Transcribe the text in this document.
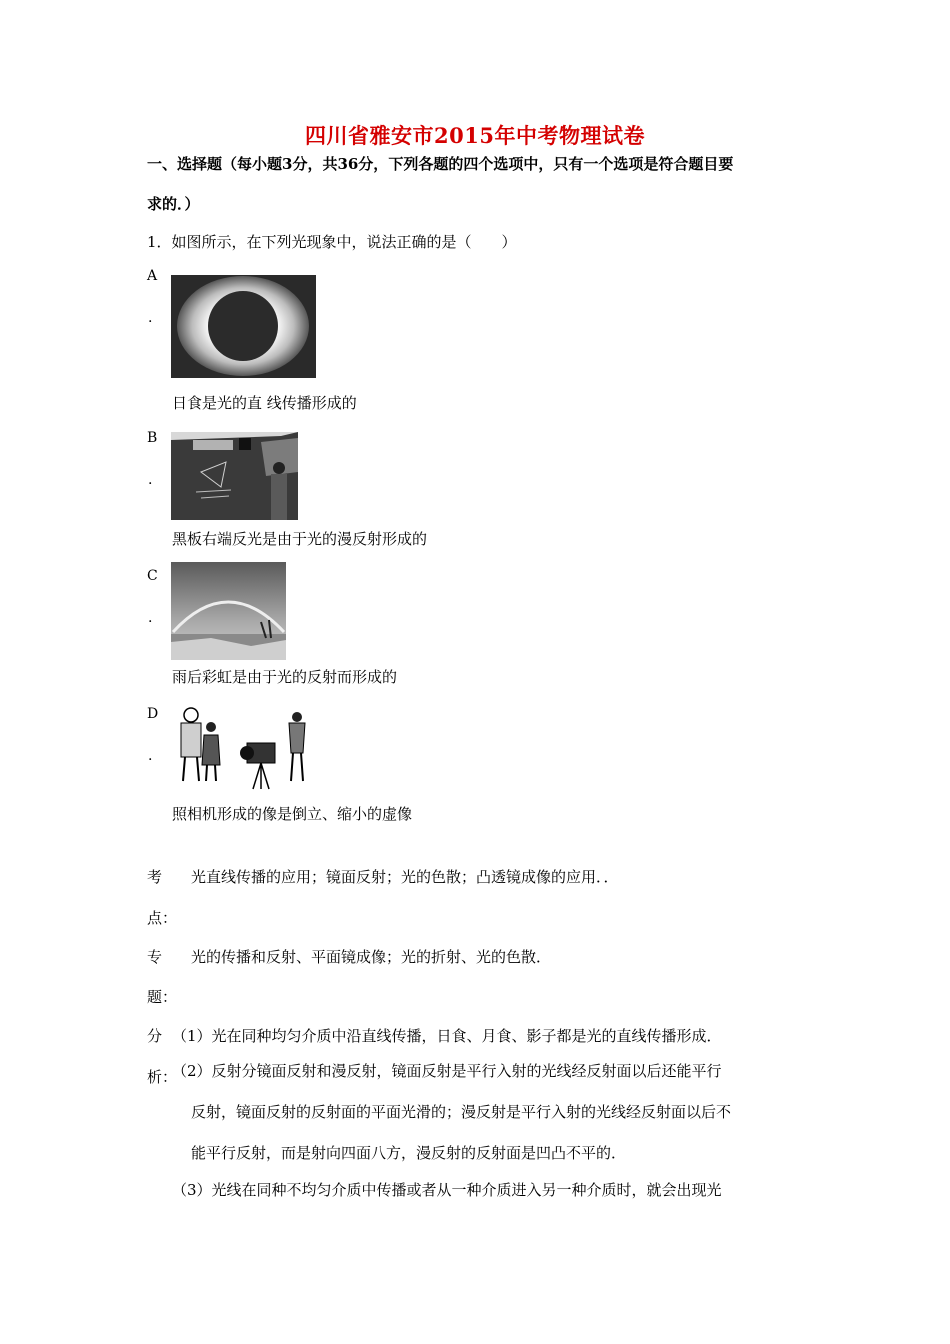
四川省雅安市2015年中考物理试卷
一、选择题（每小题3分，共36分，下列各题的四个选项中，只有一个选项是符合题目要
求的．）
1．如图所示，在下列光现象中，说法正确的是（　　）
A
.
日食是光的直 线传播形成的
B
.
黑板右端反光是由于光的漫反射形成的
C
.
雨后彩虹是由于光的反射而形成的
D
.
照相机形成的像是倒立、缩小的虚像
考
点：
光直线传播的应用；镜面反射；光的色散；凸透镜成像的应用．．
专
题：
光的传播和反射、平面镜成像；光的折射、光的色散．
分
析：
（1）光在同种均匀介质中沿直线传播，日食、月食、影子都是光的直线传播形成．
（2）反射分镜面反射和漫反射，镜面反射是平行入射的光线经反射面以后还能平行
反射，镜面反射的反射面的平面光滑的；漫反射是平行入射的光线经反射面以后不
能平行反射，而是射向四面八方，漫反射的反射面是凹凸不平的．
（3）光线在同种不均匀介质中传播或者从一种介质进入另一种介质时，就会出现光
